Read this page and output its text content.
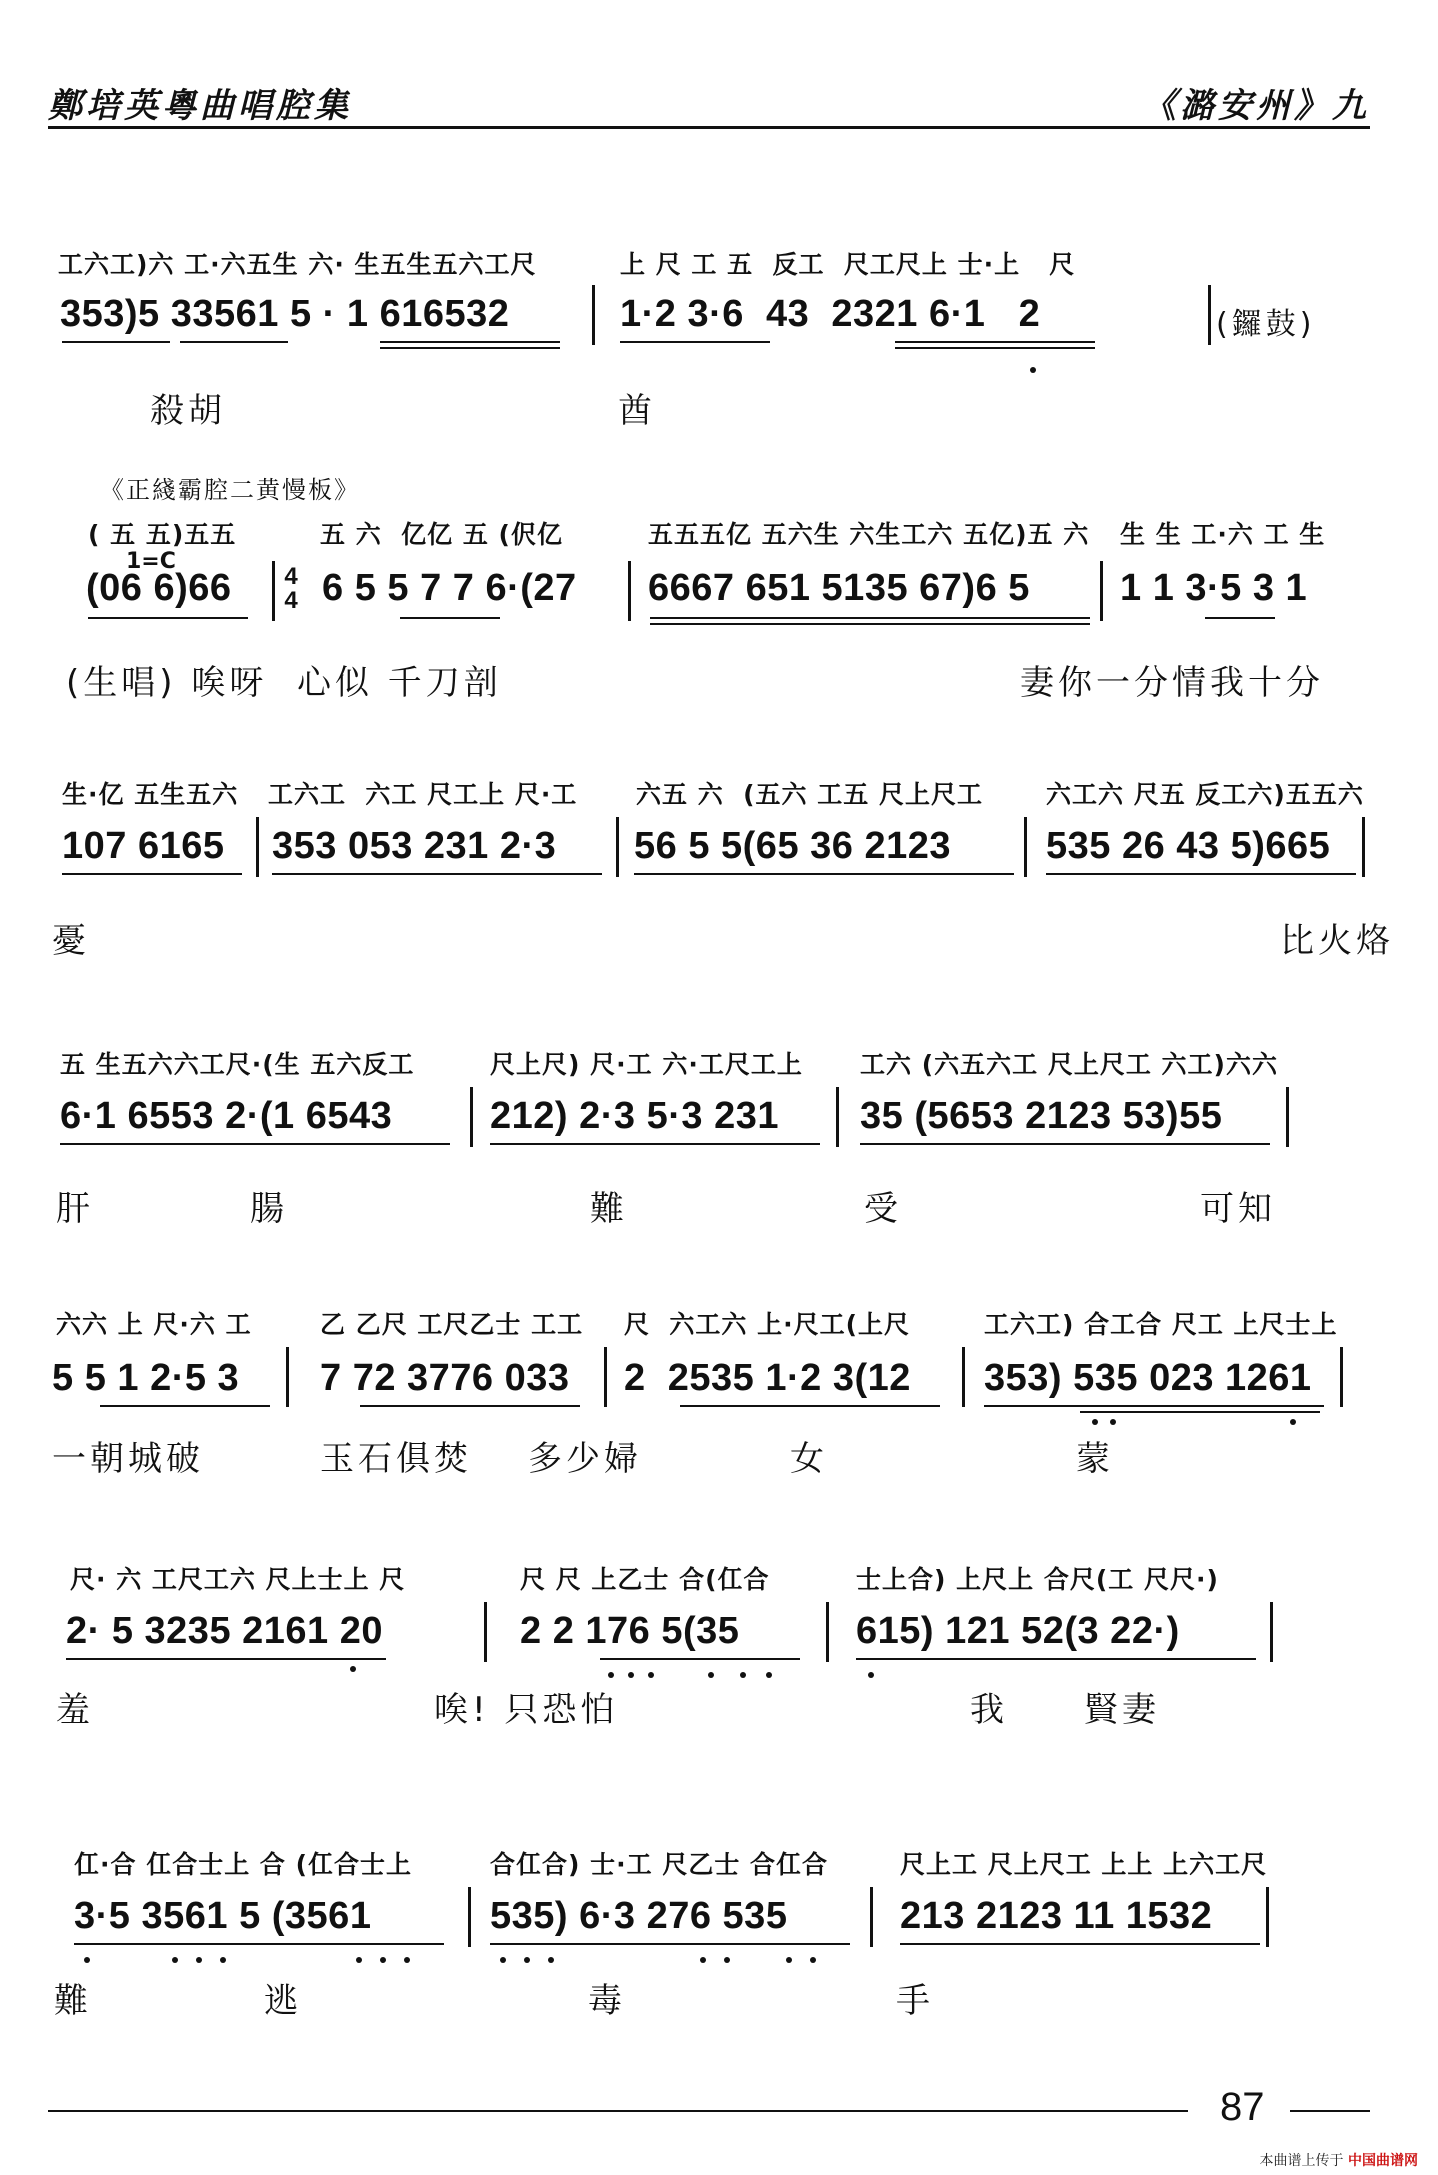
鄭培英粵曲唱腔集	《潞安州》九
工六工)六 工·六五生 六· 生五生五六工尺	上 尺 工 五  反工  尺工尺上 士·上   尺
353)5 33561 5 · 1 616532	1·2 3·6  43  2321 6·1   2	(鑼鼓)
殺胡	酋
《正綫霸腔二黄慢板》
( 五 五)五五	五 六  亿亿 五 (伬亿	五五五亿 五六生 六生工六 五亿)五 六 生 生 工·六 工 生
1=C
(06 6)66 4
4 6 5 5 7 7 6·(27 6667 651 5135 67)6 5 1 1 3·5 3 1
(生唱) 唉呀  心似 千刀剖	妻你一分情我十分
生·亿 五生五六 工六工  六工 尺工上 尺·工 六五 六  (五六 工五 尺上尺工	六工六 尺五 反工六)五五六
107 6165 353 053 231 2·3 56 5 5(65 36 2123	535 26 43 5)665
憂	比火烙
五 生五六六工尺·(生 五六反工	尺上尺) 尺·工 六·工尺工上 工六 (六五六工 尺上尺工 六工)六六
6·1 6553 2·(1 6543	212) 2·3 5·3 231 35 (5653 2123 53)55
肝	腸	難	受	可知
六六 上 尺·六 工	乙 乙尺 工尺乙士 工工 尺  六工六 上·尺工(上尺	工六工) 合工合 尺工 上尺士上
5 5 1 2·5 3 7 72 3776 033 2  2535 1·2 3(12 353) 535 023 1261
一朝城破	玉石俱焚 多少婦	女	蒙
尺· 六 工尺工六 尺上士上 尺	尺 尺 上乙士 合(仜合	士上合) 上尺上 合尺(工 尺尺·)
2· 5 3235 2161 20	2 2 176 5(35	615) 121 52(3 22·)
羞	唉! 只恐怕	我 賢妻
仜·合 仜合士上 合 (仜合士上	合仜合) 士·工 尺乙士 合仜合	尺上工 尺上尺工 上上 上六工尺
3·5 3561 5 (3561	535) 6·3 276 535	213 2123 11 1532
難	逃	毒	手
87
本曲谱上传于 中国曲谱网
